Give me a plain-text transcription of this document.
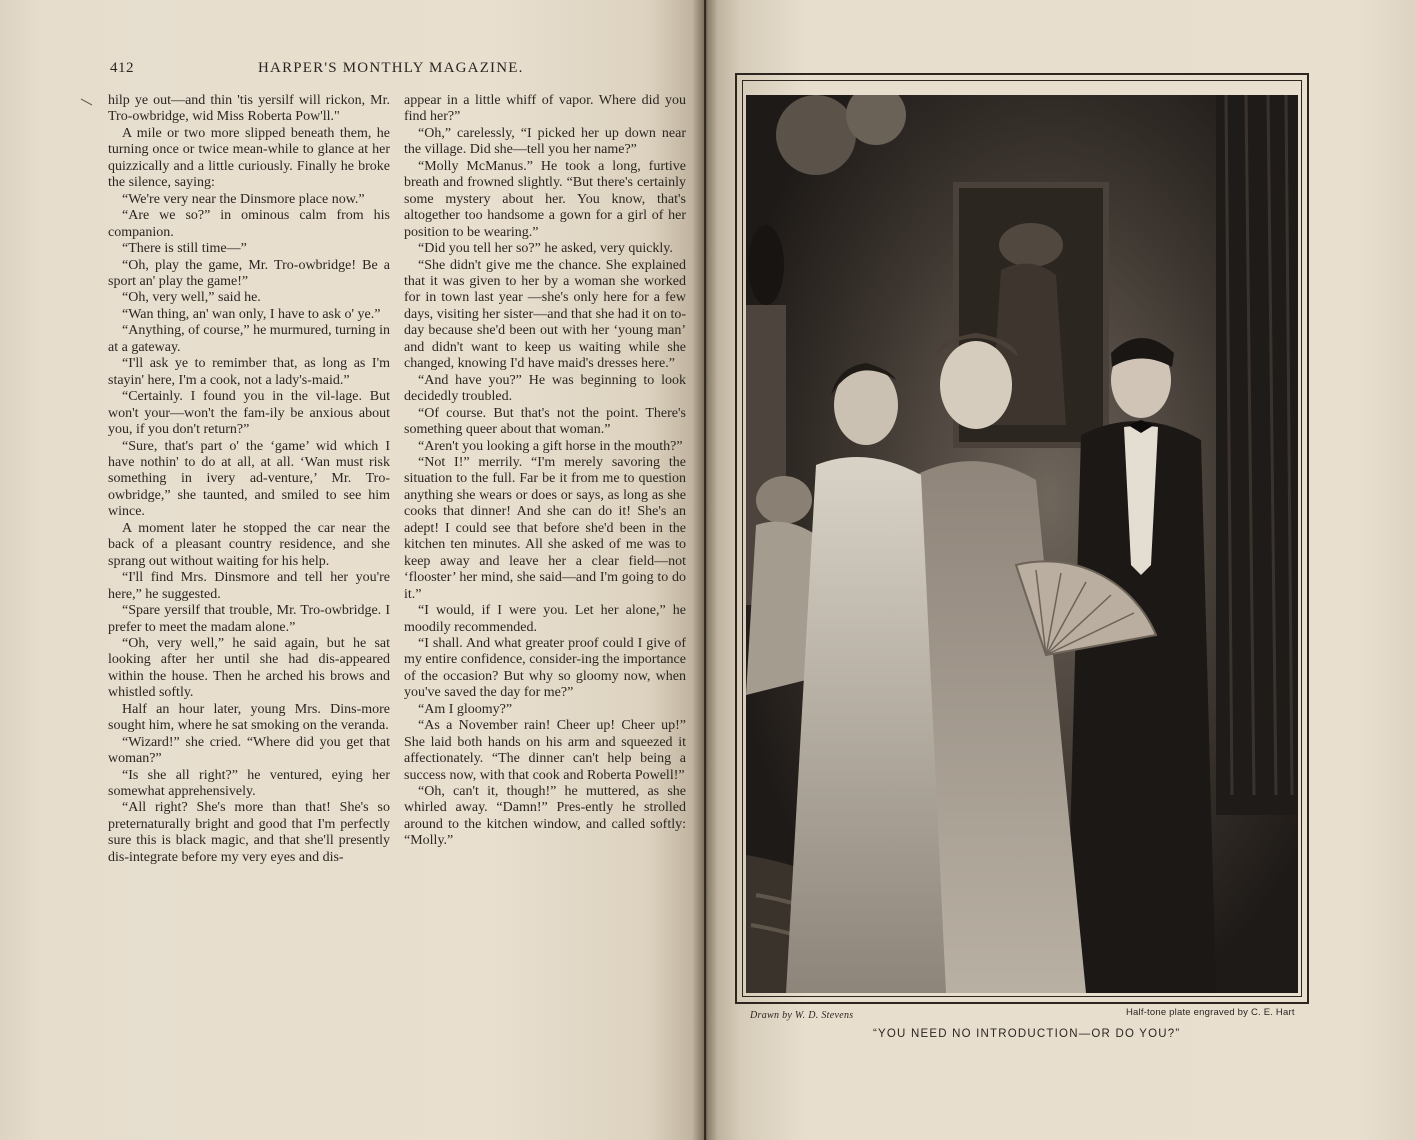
412	HARPER'S MONTHLY MAGAZINE.

hilp ye out—and thin 'tis yersilf will rickon, Mr. Tro-owbridge, wid Miss Roberta Pow'll."

A mile or two more slipped beneath them, he turning once or twice mean-while to glance at her quizzically and a little curiously. Finally he broke the silence, saying:

“We're very near the Dinsmore place now.”

“Are we so?” in ominous calm from his companion.

“There is still time—”

“Oh, play the game, Mr. Tro-owbridge! Be a sport an' play the game!”

“Oh, very well,” said he.

“Wan thing, an' wan only, I have to ask o' ye.”

“Anything, of course,” he murmured, turning in at a gateway.

“I'll ask ye to remimber that, as long as I'm stayin' here, I'm a cook, not a lady's-maid.”

“Certainly. I found you in the vil-lage. But won't your—won't the fam-ily be anxious about you, if you don't return?”

“Sure, that's part o' the ‘game’ wid which I have nothin' to do at all, at all. ‘Wan must risk something in ivery ad-venture,’ Mr. Tro-owbridge,” she taunted, and smiled to see him wince.

A moment later he stopped the car near the back of a pleasant country residence, and she sprang out without waiting for his help.

“I'll find Mrs. Dinsmore and tell her you're here,” he suggested.

“Spare yersilf that trouble, Mr. Tro-owbridge. I prefer to meet the madam alone.”

“Oh, very well,” he said again, but he sat looking after her until she had dis-appeared within the house. Then he arched his brows and whistled softly.

Half an hour later, young Mrs. Dins-more sought him, where he sat smoking on the veranda.

“Wizard!” she cried. “Where did you get that woman?”

“Is she all right?” he ventured, eying her somewhat apprehensively.

“All right? She's more than that! She's so preternaturally bright and good that I'm perfectly sure this is black magic, and that she'll presently dis-integrate before my very eyes and dis-

appear in a little whiff of vapor. Where did you find her?”

“Oh,” carelessly, “I picked her up down near the village. Did she—tell you her name?”

“Molly McManus.” He took a long, furtive breath and frowned slightly. “But there's certainly some mystery about her. You know, that's altogether too handsome a gown for a girl of her position to be wearing.”

“Did you tell her so?” he asked, very quickly.

“She didn't give me the chance. She explained that it was given to her by a woman she worked for in town last year —she's only here for a few days, visiting her sister—and that she had it on to-day because she'd been out with her ‘young man’ and didn't want to keep us waiting while she changed, knowing I'd have maid's dresses here.”

“And have you?” He was beginning to look decidedly troubled.

“Of course. But that's not the point. There's something queer about that woman.”

“Aren't you looking a gift horse in the mouth?”

“Not I!” merrily. “I'm merely savoring the situation to the full. Far be it from me to question anything she wears or does or says, as long as she cooks that dinner! And she can do it! She's an adept! I could see that before she'd been in the kitchen ten minutes. All she asked of me was to keep away and leave her a clear field—not ‘flooster’ her mind, she said—and I'm going to do it.”

“I would, if I were you. Let her alone,” he moodily recommended.

“I shall. And what greater proof could I give of my entire confidence, consider-ing the importance of the occasion? But why so gloomy now, when you've saved the day for me?”

“Am I gloomy?”

“As a November rain! Cheer up! Cheer up!” She laid both hands on his arm and squeezed it affectionately. “The dinner can't help being a success now, with that cook and Roberta Powell!”

“Oh, can't it, though!” he muttered, as she whirled away. “Damn!” Pres-ently he strolled around to the kitchen window, and called softly: “Molly.”

Drawn by W. D. Stevens	Half-tone plate engraved by C. E. Hart
“YOU NEED NO INTRODUCTION—OR DO YOU?”
